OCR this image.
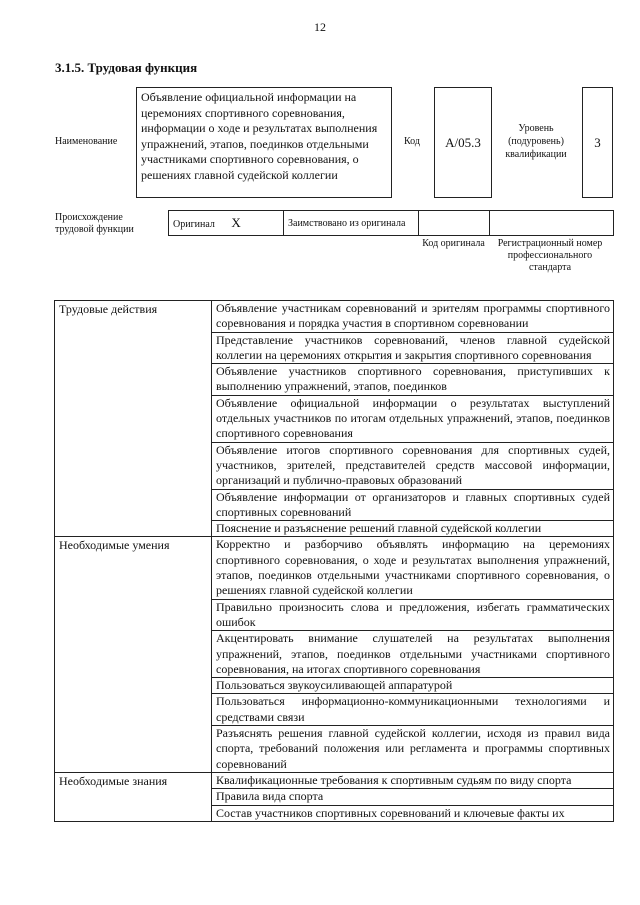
12
3.1.5. Трудовая функция
Наименование
Объявление официальной информации на церемониях спортивного соревнования, информации о ходе и результатах выполнения упражнений, этапов, поединков отдельными участниками спортивного соревнования, о решениях главной судейской коллегии
Код	А/05.3
Уровень (подуровень) квалификации
3
Происхождение трудовой функции	Оригинал X	Заимствовано из оригинала		
Код оригинала	Регистрационный номер профессионального стандарта
Трудовые действия	Объявление участникам соревнований и зрителям программы спортивного соревнования и порядка участия в спортивном соревновании
	Представление участников соревнований, членов главной судейской коллегии на церемониях открытия и закрытия спортивного соревнования
	Объявление участников спортивного соревнования, приступивших к выполнению упражнений, этапов, поединков
	Объявление официальной информации о результатах выступлений отдельных участников по итогам отдельных упражнений, этапов, поединков спортивного соревнования
	Объявление итогов спортивного соревнования для спортивных судей, участников, зрителей, представителей средств массовой информации, организаций и публично-правовых образований
	Объявление информации от организаторов и главных спортивных судей спортивных соревнований
	Пояснение и разъяснение решений главной судейской коллегии
Необходимые умения	Корректно и разборчиво объявлять информацию на церемониях спортивного соревнования, о ходе и результатах выполнения упражнений, этапов, поединков отдельными участниками спортивного соревнования, о решениях главной судейской коллегии
	Правильно произносить слова и предложения, избегать грамматических ошибок
	Акцентировать внимание слушателей на результатах выполнения упражнений, этапов, поединков отдельными участниками спортивного соревнования, на итогах спортивного соревнования
	Пользоваться звукоусиливающей аппаратурой
	Пользоваться информационно-коммуникационными технологиями и средствами связи
	Разъяснять решения главной судейской коллегии, исходя из правил вида спорта, требований положения или регламента и программы спортивных соревнований
Необходимые знания	Квалификационные требования к спортивным судьям по виду спорта
	Правила вида спорта
	Состав участников спортивных соревнований и ключевые факты их
